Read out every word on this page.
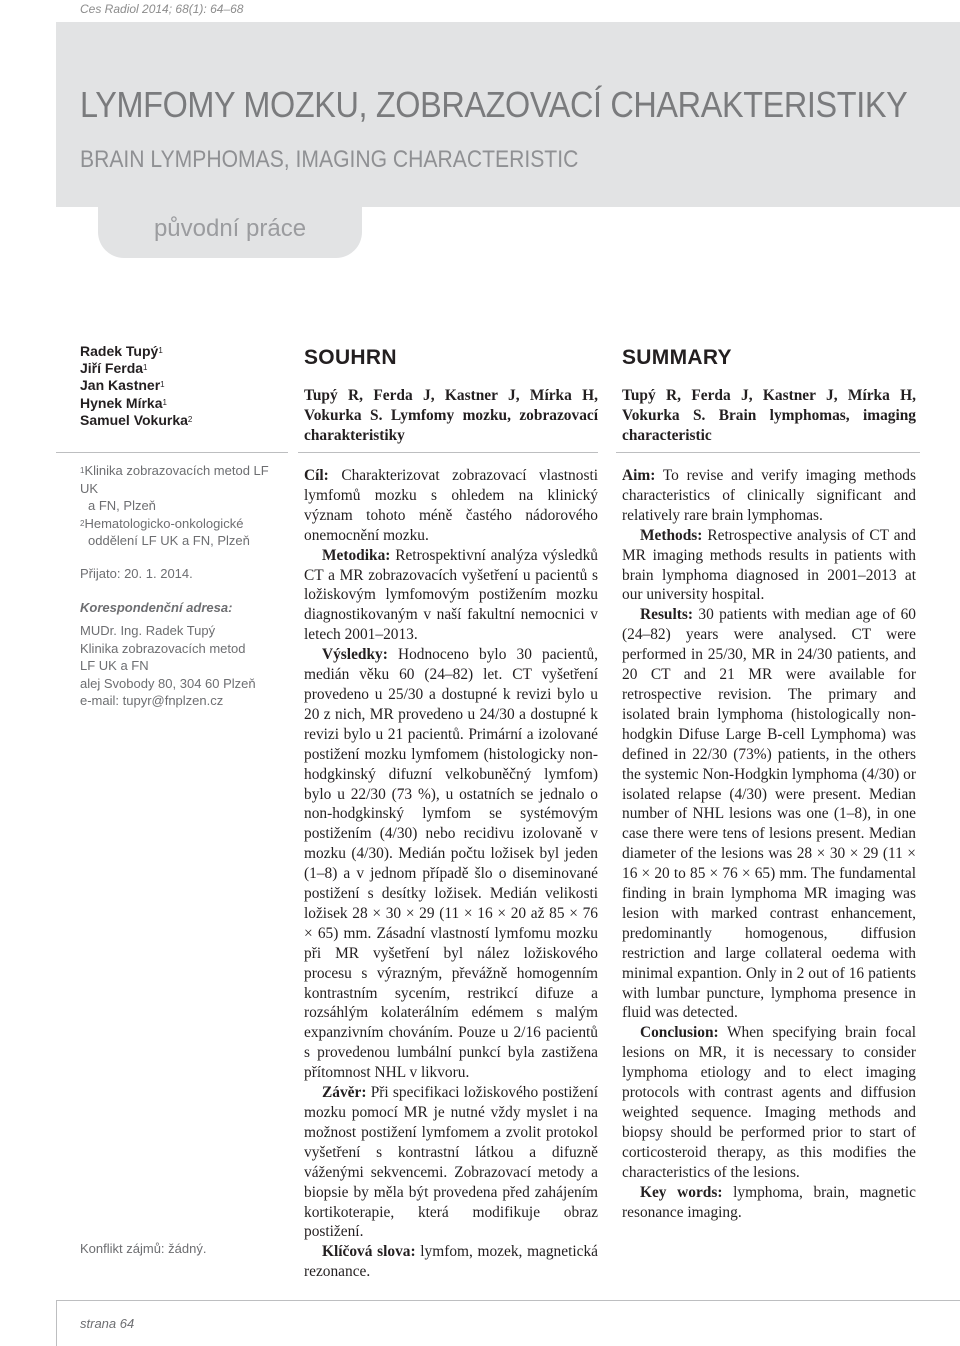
Ces Radiol 2014; 68(1): 64–68
LYMFOMY MOZKU, ZOBRAZOVACÍ CHARAKTERISTIKY
BRAIN LYMPHOMAS, IMAGING CHARACTERISTIC
původní práce
Radek Tupý$^1$
Jiří Ferda$^1$
Jan Kastner$^1$
Hynek Mírka$^1$
Samuel Vokurka$^2$

$^1$Klinika zobrazovacích metod LF UK

a FN, Plzeň

$^2$Hematologicko-onkologické

oddělení LF UK a FN, Plzeň

Přijato: 20. 1. 2014.
Korespondenční adresa:
MUDr. Ing. Radek Tupý
Klinika zobrazovacích metod
LF UK a FN
alej Svobody 80, 304 60 Plzeň
e-mail: tupyr@fnplzen.cz
Konflikt zájmů: žádný.
SOUHRN
Tupý R, Ferda J, Kastner J, Mírka H, Vokurka S. Lymfomy mozku, zobrazovací charakteristiky

Cíl: Charakterizovat zobrazovací vlastnosti lymfomů mozku s ohledem na klinický význam tohoto méně častého nádorového onemocnění mozku.

Metodika: Retrospektivní analýza výsledků CT a MR zobrazovacích vyšetření u pacientů s ložiskovým lymfomovým postižením mozku diagnostikovaným v naší fakultní nemocnici v letech 2001–2013.

Výsledky: Hodnoceno bylo 30 pacientů, medián věku 60 (24–82) let. CT vyšetření provedeno u 25/30 a dostupné k revizi bylo u 20 z nich, MR provedeno u 24/30 a dostupné k revizi bylo u 21 pacientů. Primární a izolované postižení mozku lymfomem (histologicky non-hodgkinský difuzní velkobuněčný lymfom) bylo u 22/30 (73 %), u ostatních se jednalo o non-hodgkinský lymfom se systémovým postižením (4/30) nebo recidivu izolovaně v mozku (4/30). Medián počtu ložisek byl jeden (1–8) a v jednom případě šlo o diseminované postižení s desítky ložisek. Medián velikosti ložisek 28 × 30 × 29 (11 × 16 × 20 až 85 × 76 × 65) mm. Zásadní vlastností lymfomu mozku při MR vyšetření byl nález ložiskového procesu s výrazným, převážně homogenním kontrastním sycením, restrikcí difuze a rozsáhlým kolaterálním edémem s malým expanzivním chováním. Pouze u 2/16 pacientů s provedenou lumbální punkcí byla zastižena přítomnost NHL v likvoru.

Závěr: Při specifikaci ložiskového postižení mozku pomocí MR je nutné vždy myslet i na možnost postižení lymfomem a zvolit protokol vyšetření s kontrastní látkou a difuzně váženými sekvencemi. Zobrazovací metody a biopsie by měla být provedena před zahájením kortikoterapie, která modifikuje obraz postižení.

Klíčová slova: lymfom, mozek, magnetická rezonance.

SUMMARY
Tupý R, Ferda J, Kastner J, Mírka H, Vokurka S. Brain lymphomas, imaging characteristic

Aim: To revise and verify imaging methods characteristics of clinically significant and relatively rare brain lymphomas.

Methods: Retrospective analysis of CT and MR imaging methods results in patients with brain lymphoma diagnosed in 2001–2013 at our university hospital.

Results: 30 patients with median age of 60 (24–82) years were analysed. CT were performed in 25/30, MR in 24/30 patients, and 20 CT and 21 MR were available for retrospective revision. The primary and isolated brain lymphoma (histologically non-hodgkin Difuse Large B-cell Lymphoma) was defined in 22/30 (73%) patients, in the others the systemic Non-Hodgkin lymphoma (4/30) or isolated relapse (4/30) were present. Median number of NHL lesions was one (1–8), in one case there were tens of lesions present. Median diameter of the lesions was 28 × 30 × 29 (11 × 16 × 20 to 85 × 76 × 65) mm. The fundamental finding in brain lymphoma MR imaging was lesion with marked contrast enhancement, predominantly homogenous, diffusion restriction and large collateral oedema with minimal expantion. Only in 2 out of 16 patients with lumbar puncture, lymphoma presence in fluid was detected.

Conclusion: When specifying brain focal lesions on MR, it is necessary to consider lymphoma etiology and to elect imaging protocols with contrast agents and diffusion weighted sequence. Imaging methods and biopsy should be performed prior to start of corticosteroid therapy, as this modifies the characteristics of the lesions.

Key words: lymphoma, brain, magnetic resonance imaging.

strana 64
